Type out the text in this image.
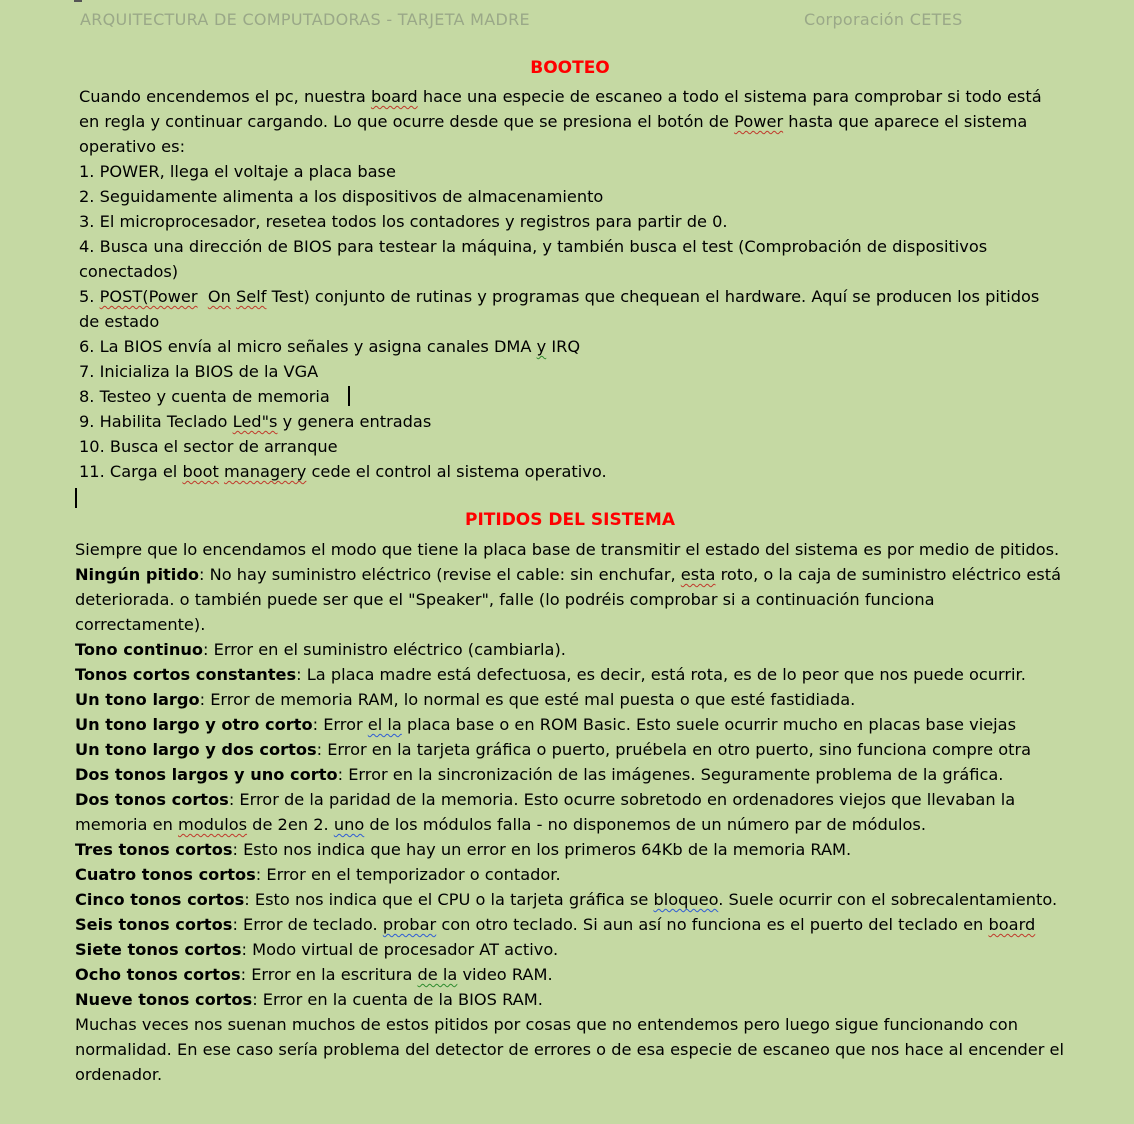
ARQUITECTURA DE COMPUTADORAS - TARJETA MADRE	Corporación CETES
BOOTEO

Cuando encendemos el pc, nuestra board hace una especie de escaneo a todo el sistema para comprobar si todo está en regla y continuar cargando. Lo que ocurre desde que se presiona el botón de Power hasta que aparece el sistema operativo es:

1. POWER, llega el voltaje a placa base

2. Seguidamente alimenta a los dispositivos de almacenamiento

3. El microprocesador, resetea todos los contadores y registros para partir de 0.

4. Busca una dirección de BIOS para testear la máquina, y también busca el test (Comprobación de dispositivos conectados)

5. POST(Power On Self Test) conjunto de rutinas y programas que chequean el hardware. Aquí se producen los pitidos de estado

6. La BIOS envía al micro señales y asigna canales DMA y IRQ

7. Inicializa la BIOS de la VGA

8. Testeo y cuenta de memoria

9. Habilita Teclado Led"s y genera entradas

10. Busca el sector de arranque

11. Carga el boot managery cede el control al sistema operativo.

PITIDOS DEL SISTEMA

Siempre que lo encendamos el modo que tiene la placa base de transmitir el estado del sistema es por medio de pitidos.

Ningún pitido: No hay suministro eléctrico (revise el cable: sin enchufar, esta roto, o la caja de suministro eléctrico está deteriorada. o también puede ser que el "Speaker", falle (lo podréis comprobar si a continuación funciona correctamente).

Tono continuo: Error en el suministro eléctrico (cambiarla).

Tonos cortos constantes: La placa madre está defectuosa, es decir, está rota, es de lo peor que nos puede ocurrir.

Un tono largo: Error de memoria RAM, lo normal es que esté mal puesta o que esté fastidiada.

Un tono largo y otro corto: Error el la placa base o en ROM Basic. Esto suele ocurrir mucho en placas base viejas

Un tono largo y dos cortos: Error en la tarjeta gráfica o puerto, pruébela en otro puerto, sino funciona compre otra

Dos tonos largos y uno corto: Error en la sincronización de las imágenes. Seguramente problema de la gráfica.

Dos tonos cortos: Error de la paridad de la memoria. Esto ocurre sobretodo en ordenadores viejos que llevaban la memoria en modulos de 2en 2. uno de los módulos falla - no disponemos de un número par de módulos.

Tres tonos cortos: Esto nos indica que hay un error en los primeros 64Kb de la memoria RAM.

Cuatro tonos cortos: Error en el temporizador o contador.

Cinco tonos cortos: Esto nos indica que el CPU o la tarjeta gráfica se bloqueo. Suele ocurrir con el sobrecalentamiento.

Seis tonos cortos: Error de teclado. probar con otro teclado. Si aun así no funciona es el puerto del teclado en board

Siete tonos cortos: Modo virtual de procesador AT activo.

Ocho tonos cortos: Error en la escritura de la video RAM.

Nueve tonos cortos: Error en la cuenta de la BIOS RAM.

Muchas veces nos suenan muchos de estos pitidos por cosas que no entendemos pero luego sigue funcionando con normalidad. En ese caso sería problema del detector de errores o de esa especie de escaneo que nos hace al encender el ordenador.
